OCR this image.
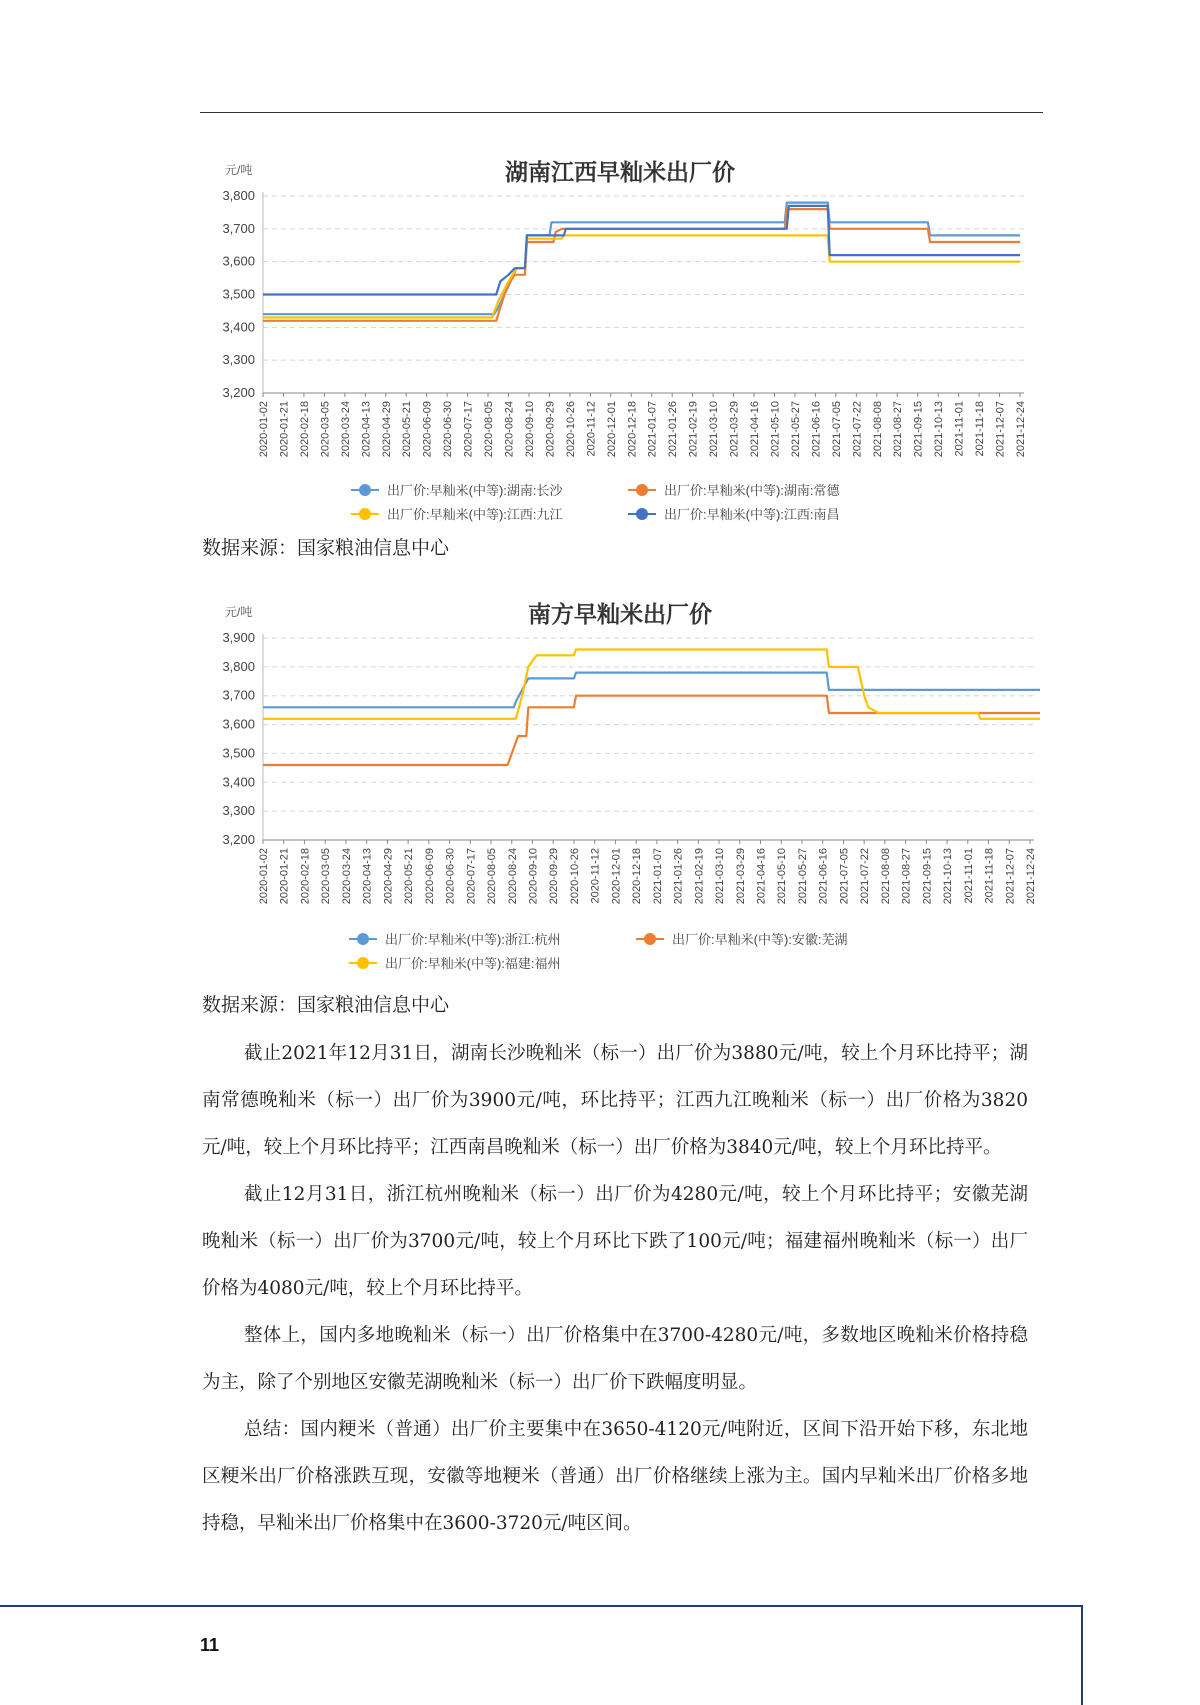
湖南江西早籼米出厂价
元/吨
3,200
3,300
3,400
3,500
3,600
3,700
3,800
2020-01-02 2020-01-21 2020-02-18 2020-03-05 2020-03-24 2020-04-13 2020-04-29 2020-05-21 2020-06-09 2020-06-30 2020-07-17 2020-08-05 2020-08-24 2020-09-10 2020-09-29 2020-10-26 2020-11-12 2020-12-01 2020-12-18 2021-01-07 2021-01-26 2021-02-19 2021-03-10 2021-03-29 2021-04-16 2021-05-10 2021-05-27 2021-06-16 2021-07-05 2021-07-22 2021-08-08 2021-08-27 2021-09-15 2021-10-13 2021-11-01 2021-11-18 2021-12-07 2021-12-24
出厂价:早籼米(中等):湖南:长沙	出厂价:早籼米(中等):湖南:常德
出厂价:早籼米(中等):江西:九江	出厂价:早籼米(中等):江西:南昌
数据来源：国家粮油信息中心
南方早籼米出厂价
元/吨
3,200
3,300
3,400
3,500
3,600
3,700
3,800
3,900
2020-01-02 2020-01-21 2020-02-18 2020-03-05 2020-03-24 2020-04-13 2020-04-29 2020-05-21 2020-06-09 2020-06-30 2020-07-17 2020-08-05 2020-08-24 2020-09-10 2020-09-29 2020-10-26 2020-11-12 2020-12-01 2020-12-18 2021-01-07 2021-01-26 2021-02-19 2021-03-10 2021-03-29 2021-04-16 2021-05-10 2021-05-27 2021-06-16 2021-07-05 2021-07-22 2021-08-08 2021-08-27 2021-09-15 2021-10-13 2021-11-01 2021-11-18 2021-12-07 2021-12-24
出厂价:早籼米(中等):浙江:杭州	出厂价:早籼米(中等):安徽:芜湖
出厂价:早籼米(中等):福建:福州
数据来源：国家粮油信息中心

截止2021年12月31日，湖南长沙晚籼米（标一）出厂价为3880元/吨，较上个月环比持平；湖南常德晚籼米（标一）出厂价为3900元/吨，环比持平；江西九江晚籼米（标一）出厂价格为3820元/吨，较上个月环比持平；江西南昌晚籼米（标一）出厂价格为3840元/吨，较上个月环比持平。

截止12月31日，浙江杭州晚籼米（标一）出厂价为4280元/吨，较上个月环比持平；安徽芜湖晚籼米（标一）出厂价为3700元/吨，较上个月环比下跌了100元/吨；福建福州晚籼米（标一）出厂价格为4080元/吨，较上个月环比持平。

整体上，国内多地晚籼米（标一）出厂价格集中在3700-4280元/吨，多数地区晚籼米价格持稳为主，除了个别地区安徽芜湖晚籼米（标一）出厂价下跌幅度明显。

总结：国内粳米（普通）出厂价主要集中在3650-4120元/吨附近，区间下沿开始下移，东北地区粳米出厂价格涨跌互现，安徽等地粳米（普通）出厂价格继续上涨为主。国内早籼米出厂价格多地持稳，早籼米出厂价格集中在3600-3720元/吨区间。

11
